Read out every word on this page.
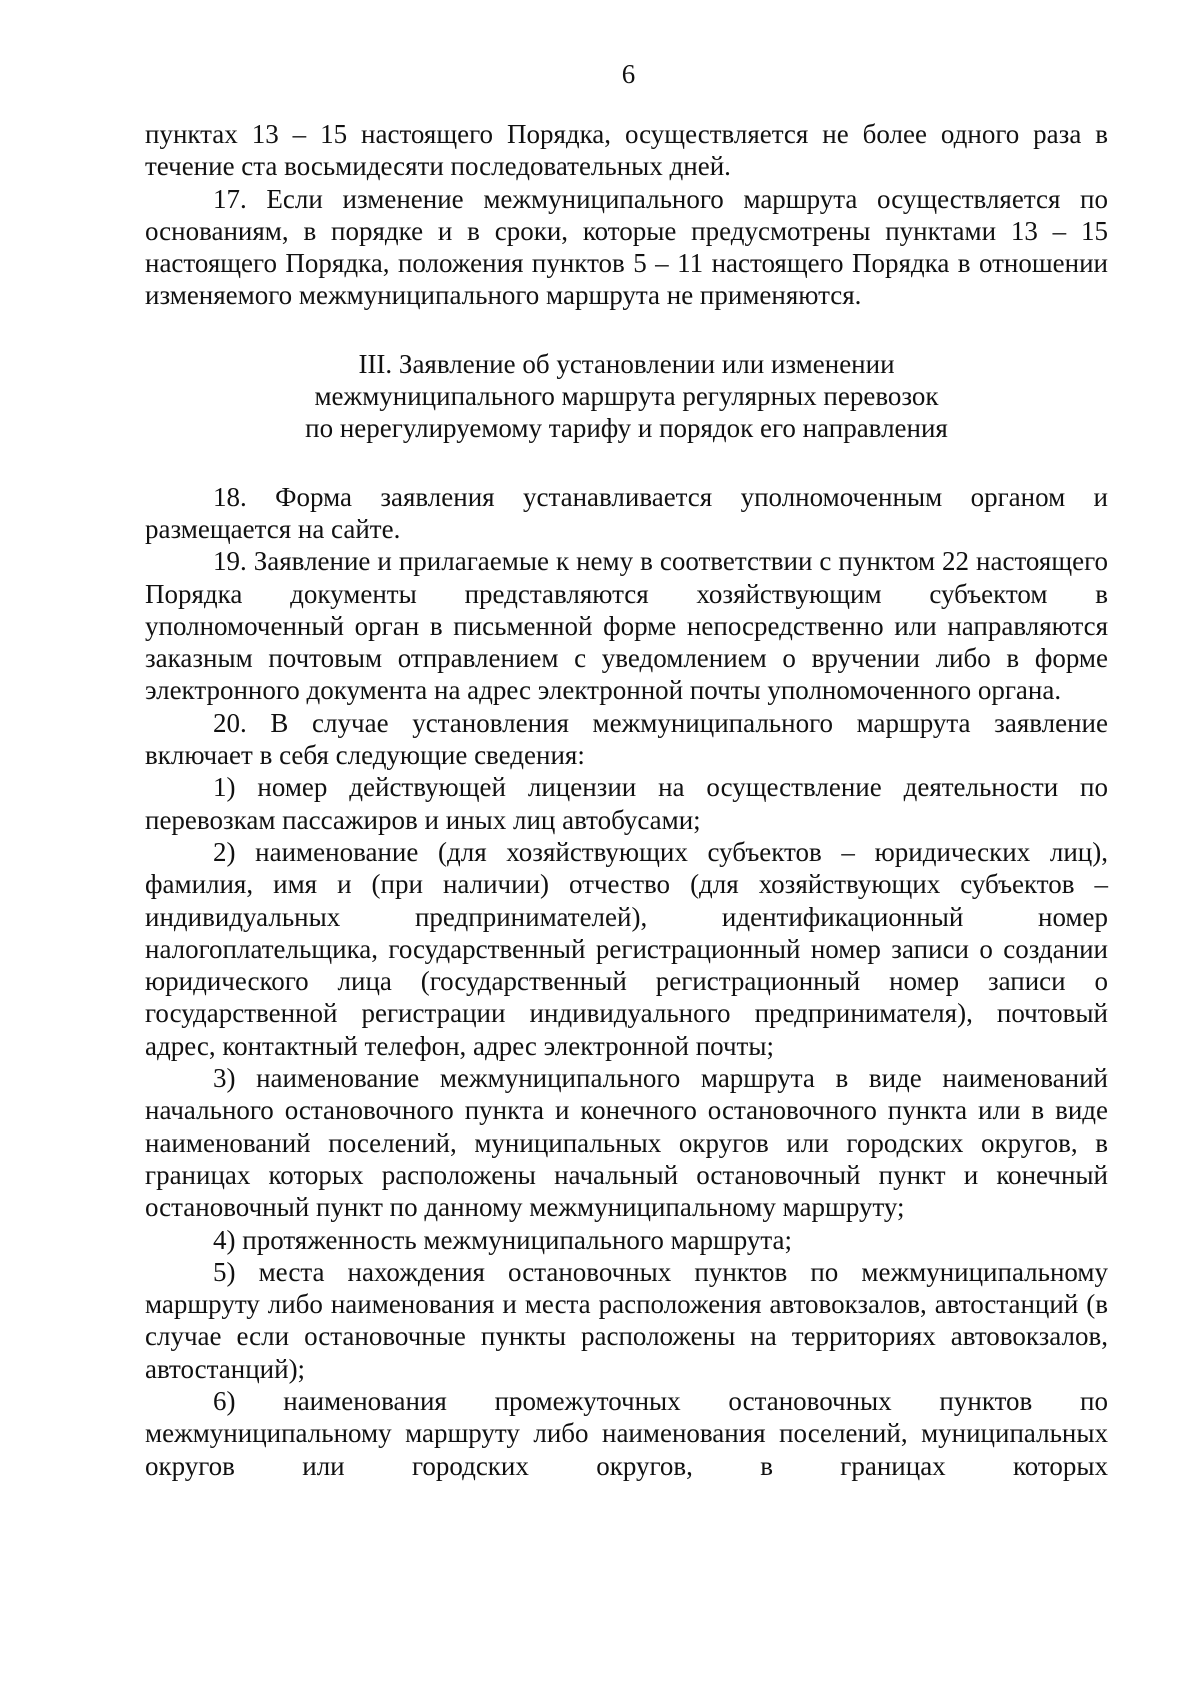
6

пунктах 13 – 15 настоящего Порядка, осуществляется не более одного раза в течение ста восьмидесяти последовательных дней.

17. Если изменение межмуниципального маршрута осуществляется по основаниям, в порядке и в сроки, которые предусмотрены пунктами 13 – 15 настоящего Порядка, положения пунктов 5 – 11 настоящего Порядка в отношении изменяемого межмуниципального маршрута не применяются.

III. Заявление об установлении или изменении
межмуниципального маршрута регулярных перевозок
по нерегулируемому тарифу и порядок его направления

18. Форма заявления устанавливается уполномоченным органом и размещается на сайте.

19. Заявление и прилагаемые к нему в соответствии с пунктом 22 настоящего Порядка документы представляются хозяйствующим субъектом в уполномоченный орган в письменной форме непосредственно или направляются заказным почтовым отправлением с уведомлением о вручении либо в форме электронного документа на адрес электронной почты уполномоченного органа.

20. В случае установления межмуниципального маршрута заявление включает в себя следующие сведения:

1) номер действующей лицензии на осуществление деятельности по перевозкам пассажиров и иных лиц автобусами;

2) наименование (для хозяйствующих субъектов – юридических лиц), фамилия, имя и (при наличии) отчество (для хозяйствующих субъектов – индивидуальных предпринимателей), идентификационный номер налогоплательщика, государственный регистрационный номер записи о создании юридического лица (государственный регистрационный номер записи о государственной регистрации индивидуального предпринимателя), почтовый адрес, контактный телефон, адрес электронной почты;

3) наименование межмуниципального маршрута в виде наименований начального остановочного пункта и конечного остановочного пункта или в виде наименований поселений, муниципальных округов или городских округов, в границах которых расположены начальный остановочный пункт и конечный остановочный пункт по данному межмуниципальному маршруту;

4) протяженность межмуниципального маршрута;

5) места нахождения остановочных пунктов по межмуниципальному маршруту либо наименования и места расположения автовокзалов, автостанций (в случае если остановочные пункты расположены на территориях автовокзалов, автостанций);

6) наименования промежуточных остановочных пунктов по межмуниципальному маршруту либо наименования поселений, муниципальных округов или городских округов, в границах которых
